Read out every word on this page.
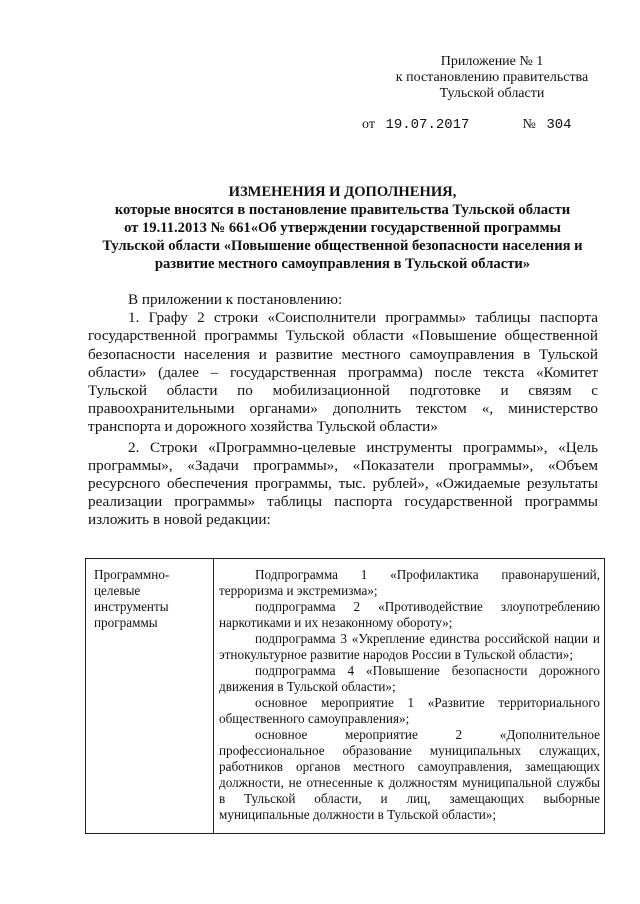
Приложение № 1
к постановлению правительства
Тульской области
от 19.07.2017	№ 304
ИЗМЕНЕНИЯ И ДОПОЛНЕНИЯ,
которые вносятся в постановление правительства Тульской области
от 19.11.2013 № 661«Об утверждении государственной программы
Тульской области «Повышение общественной безопасности населения и
развитие местного самоуправления в Тульской области»

В приложении к постановлению:

1. Графу 2 строки «Соисполнители программы» таблицы паспорта государственной программы Тульской области «Повышение общественной безопасности населения и развитие местного самоуправления в Тульской области» (далее – государственная программа) после текста «Комитет Тульской области по мобилизационной подготовке и связям с правоохранительными органами» дополнить текстом «, министерство транспорта и дорожного хозяйства Тульской области»

2. Строки «Программно-целевые инструменты программы», «Цель программы», «Задачи программы», «Показатели программы», «Объем ресурсного обеспечения программы, тыс. рублей», «Ожидаемые результаты реализации программы» таблицы паспорта государственной программы изложить в новой редакции:

Программно-
целевые
инструменты
программы

Подпрограмма 1 «Профилактика правонарушений, терроризма и экстремизма»;

подпрограмма 2 «Противодействие злоупотреблению наркотиками и их незаконному обороту»;

подпрограмма 3 «Укрепление единства российской нации и этнокультурное развитие народов России в Тульской области»;

подпрограмма 4 «Повышение безопасности дорожного движения в Тульской области»;

основное мероприятие 1 «Развитие территориального общественного самоуправления»;

основное мероприятие 2 «Дополнительное профессиональное образование муниципальных служащих, работников органов местного самоуправления, замещающих должности, не отнесенные к должностям муниципальной службы в Тульской области, и лиц, замещающих выборные муниципальные должности в Тульской области»;
